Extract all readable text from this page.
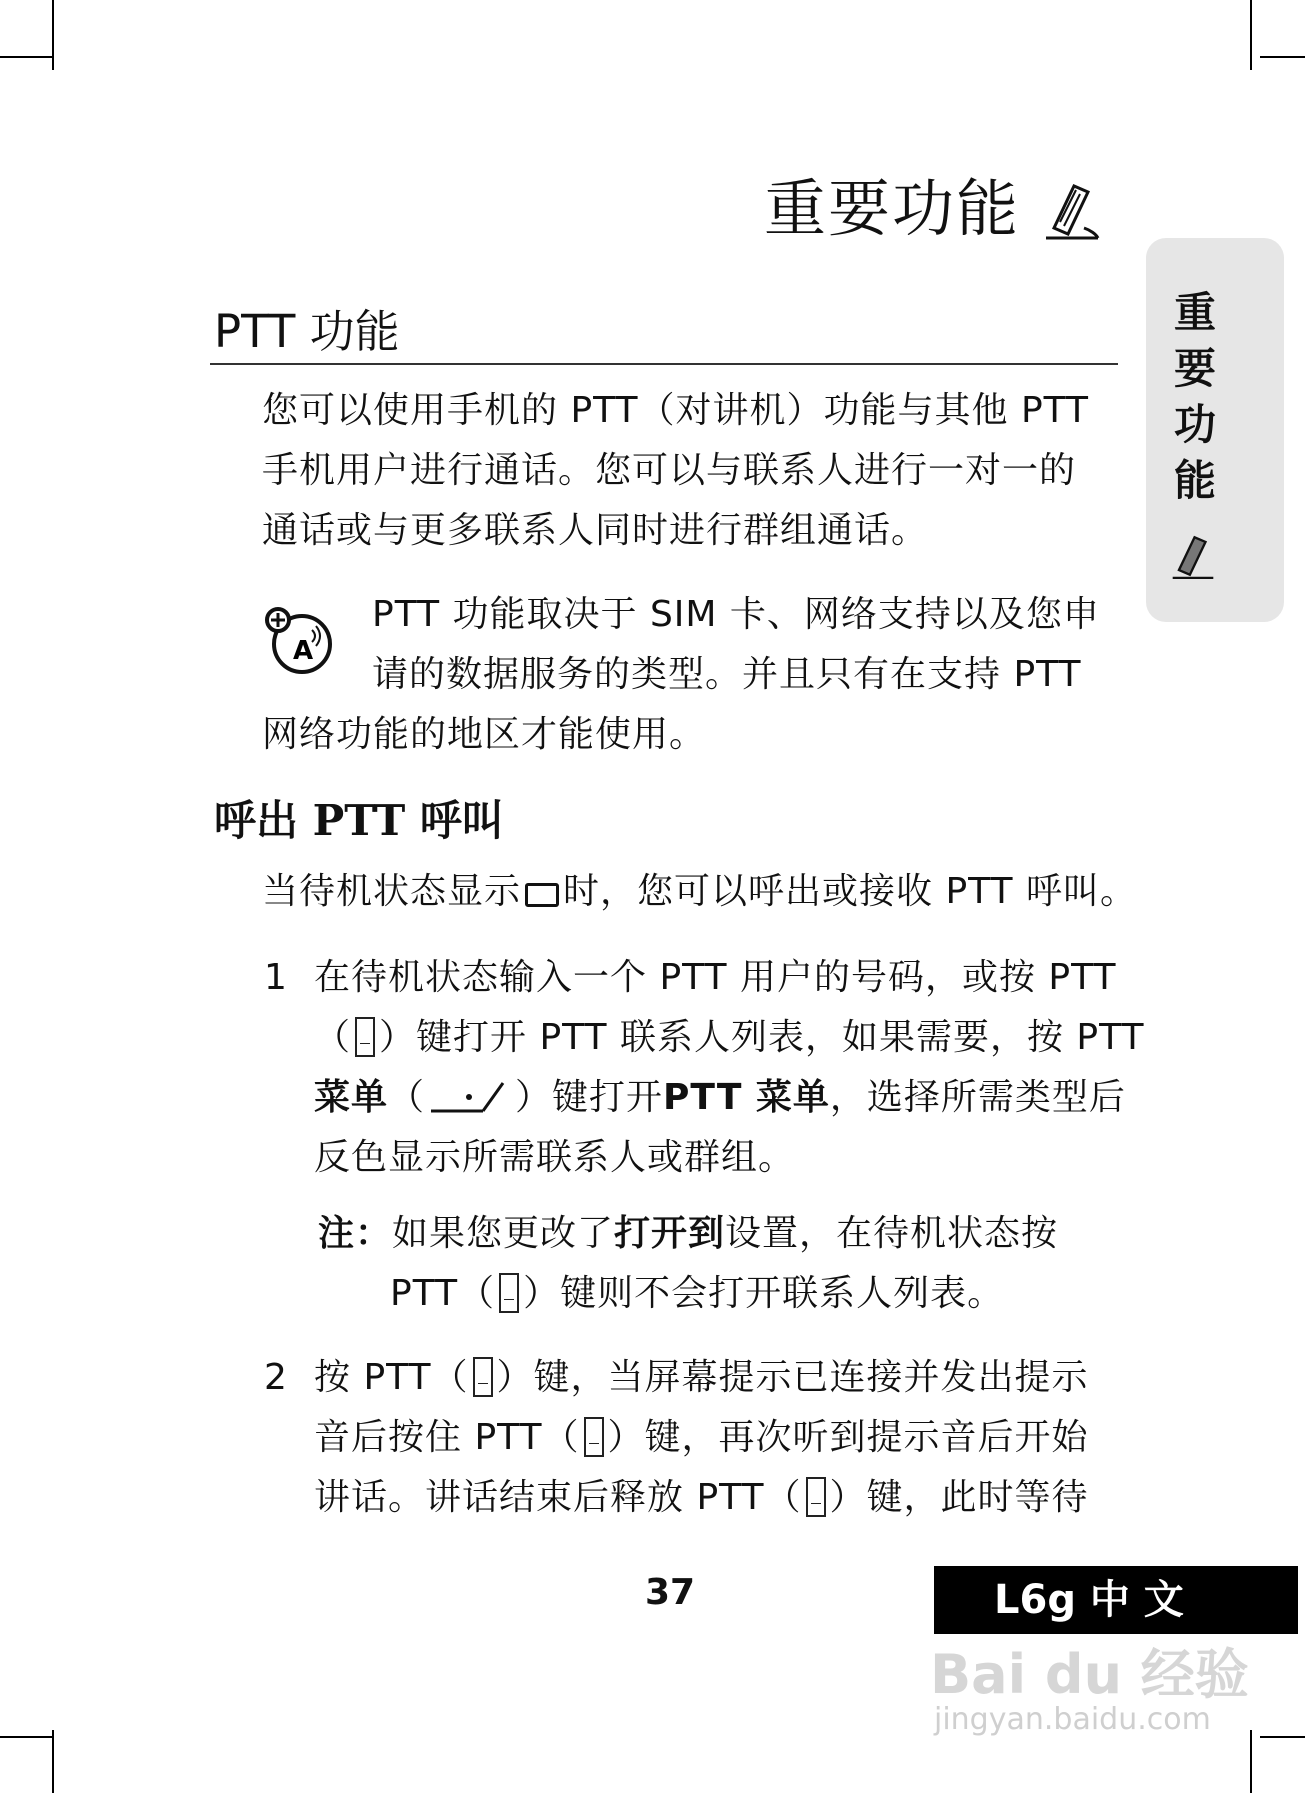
重要功能
重
要
功
能
PTT 功能
您可以使用手机的 PTT（对讲机）功能与其他 PTT
手机用户进行通话。您可以与联系人进行一对一的
通话或与更多联系人同时进行群组通话。
A
PTT 功能取决于 SIM 卡、网络支持以及您申
请的数据服务的类型。并且只有在支持 PTT
网络功能的地区才能使用。
呼出 PTT 呼叫
当待机状态显示… 时，您可以呼出或接收 PTT 呼叫。
1 在待机状态输入一个 PTT 用户的号码，或按 PTT
（ ）键打开 PTT 联系人列表，如果需要，按 PTT
菜单（	）键打开PTT 菜单，选择所需类型后
反色显示所需联系人或群组。
注：如果您更改了打开到设置，在待机状态按
PTT（ ）键则不会打开联系人列表。
2 按 PTT（ ）键，当屏幕提示已连接并发出提示
音后按住 PTT（ ）键，再次听到提示音后开始
讲话。讲话结束后释放 PTT（ ）键，此时等待
37	L6g 中 文
Bai du 经验
jingyan.baidu.com
